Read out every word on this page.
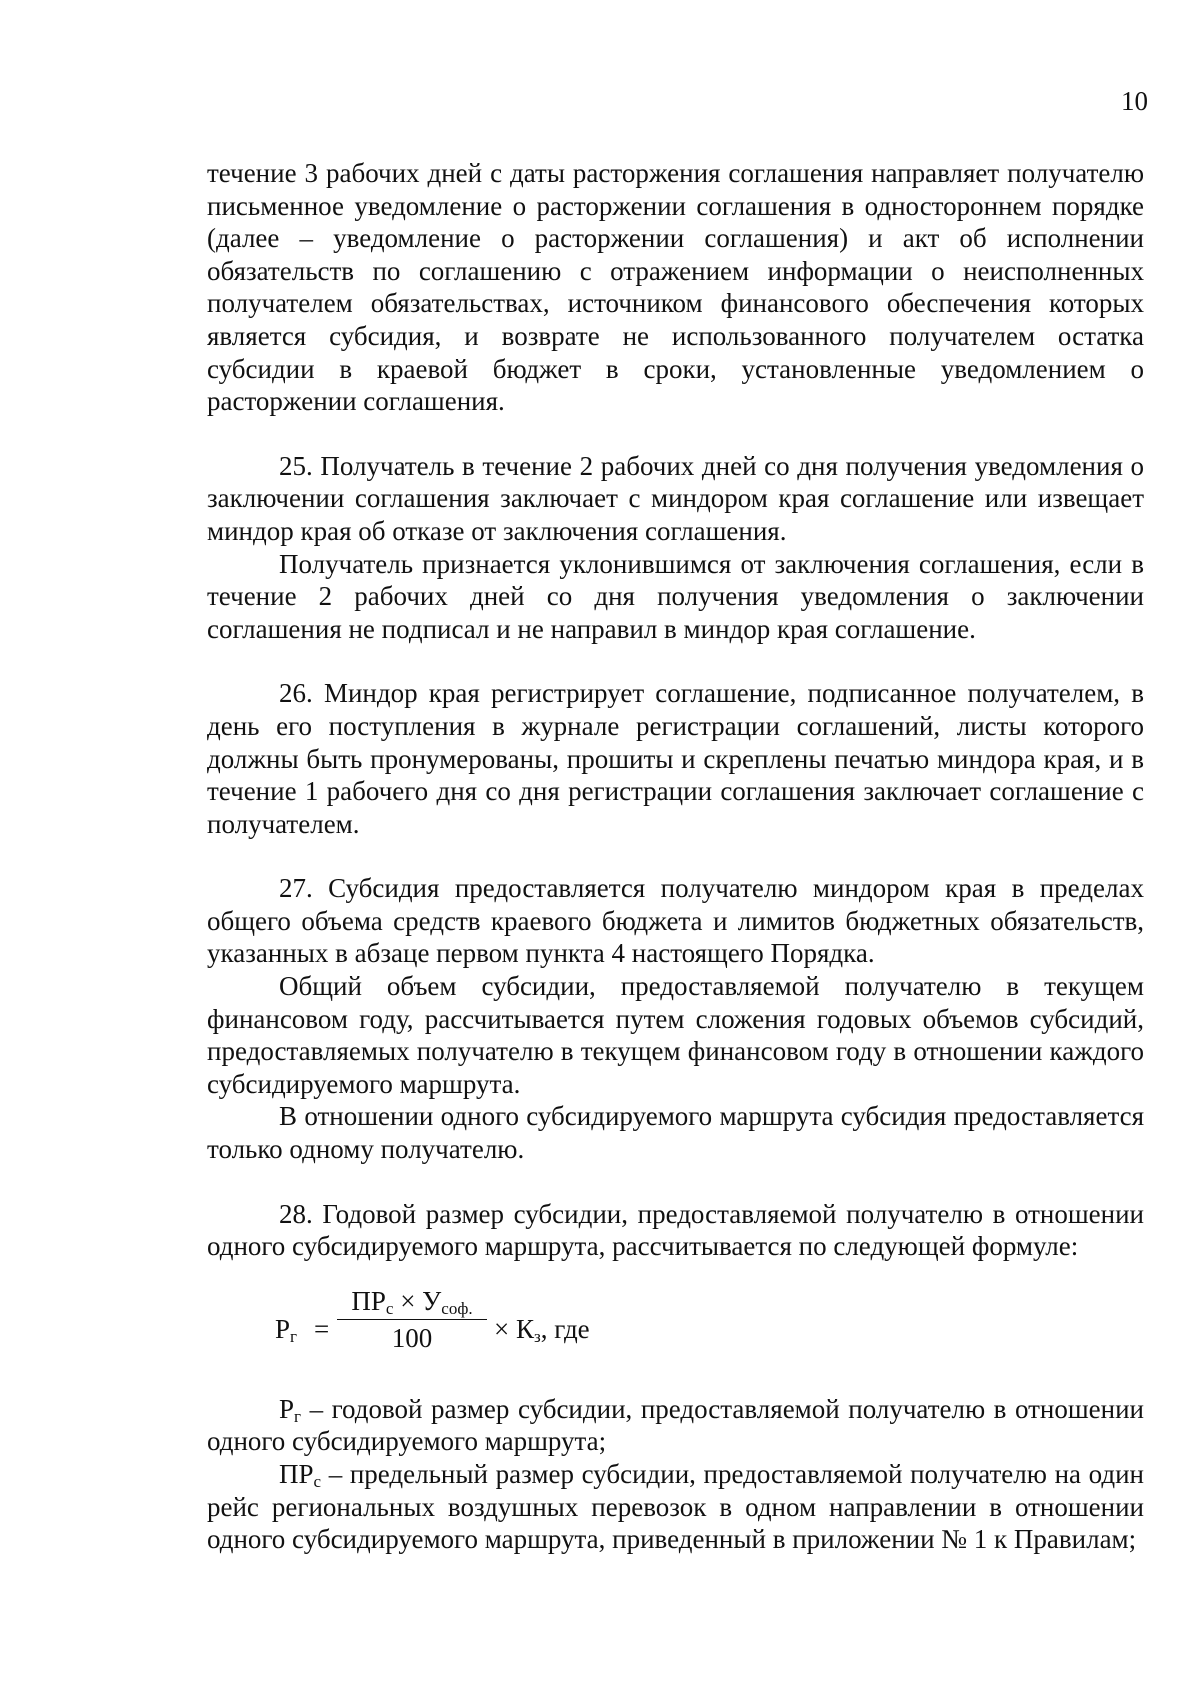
10

течение 3 рабочих дней с даты расторжения соглашения направляет получателю письменное уведомление о расторжении соглашения в одностороннем порядке (далее – уведомление о расторжении соглашения) и акт об исполнении обязательств по соглашению с отражением информации о неисполненных получателем обязательствах, источником финансового обеспечения которых является субсидия, и возврате не использованного получателем остатка субсидии в краевой бюджет в сроки, установленные уведомлением о расторжении соглашения.

25. Получатель в течение 2 рабочих дней со дня получения уведомления о заключении соглашения заключает с миндором края соглашение или извещает миндор края об отказе от заключения соглашения.

Получатель признается уклонившимся от заключения соглашения, если в течение 2 рабочих дней со дня получения уведомления о заключении соглашения не подписал и не направил в миндор края соглашение.

26. Миндор края регистрирует соглашение, подписанное получателем, в день его поступления в журнале регистрации соглашений, листы которого должны быть пронумерованы, прошиты и скреплены печатью миндора края, и в течение 1 рабочего дня со дня регистрации соглашения заключает соглашение с получателем.

27. Субсидия предоставляется получателю миндором края в пределах общего объема средств краевого бюджета и лимитов бюджетных обязательств, указанных в абзаце первом пункта 4 настоящего Порядка.

Общий объем субсидии, предоставляемой получателю в текущем финансовом году, рассчитывается путем сложения годовых объемов субсидий, предоставляемых получателю в текущем финансовом году в отношении каждого субсидируемого маршрута.

В отношении одного субсидируемого маршрута субсидия предоставляется только одному получателю.

28. Годовой размер субсидии, предоставляемой получателю в отношении одного субсидируемого маршрута, рассчитывается по следующей формуле:

$Р_г$ =
$ПР_с \times У_{соф.}$
100	× $К_з$, где

$Р_г$ – годовой размер субсидии, предоставляемой получателю в отношении одного субсидируемого маршрута;

$ПР_с$ – предельный размер субсидии, предоставляемой получателю на один рейс региональных воздушных перевозок в одном направлении в отношении одного субсидируемого маршрута, приведенный в приложении № 1 к Правилам;
